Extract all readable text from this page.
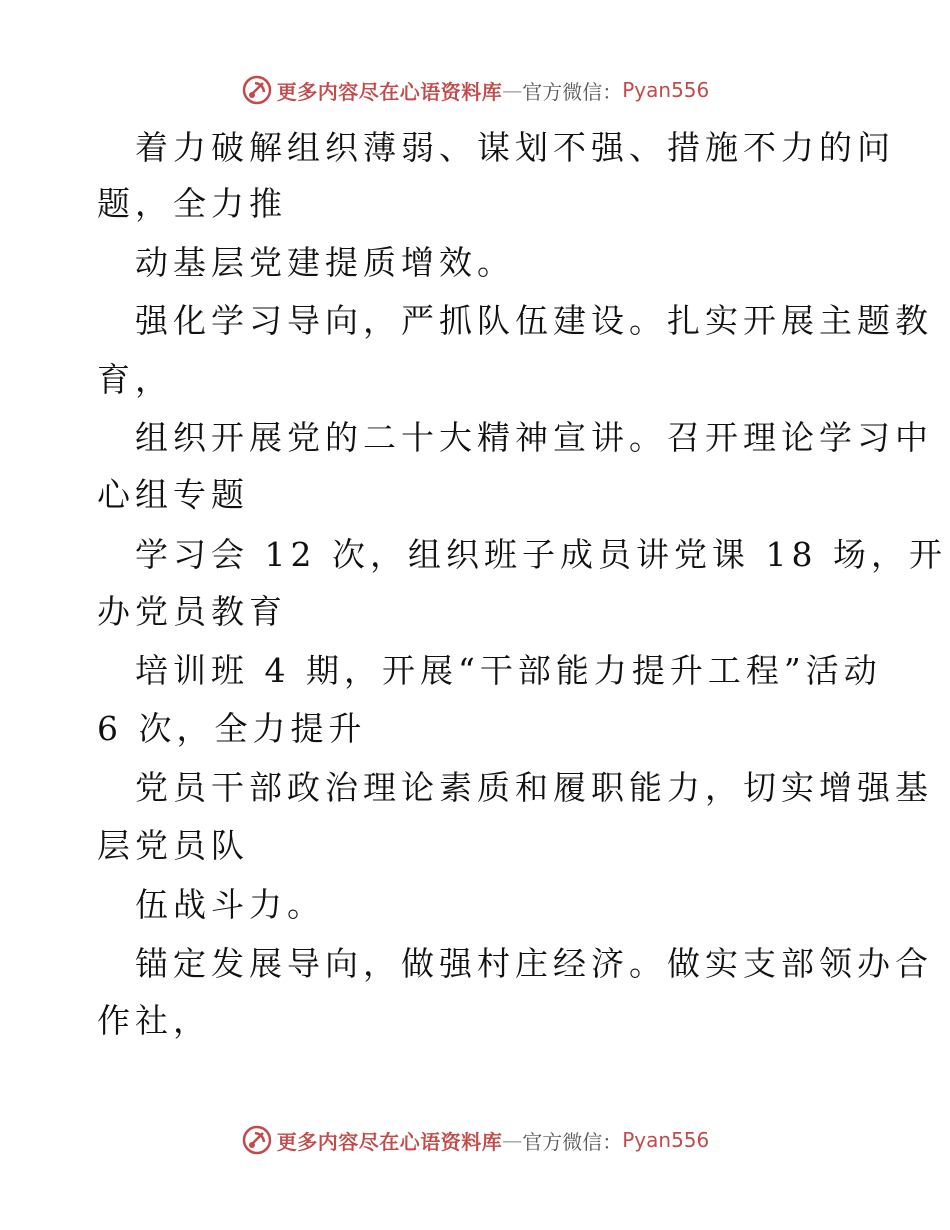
更多内容尽在心语资料库 — 官方微信： Pyan556
着力破解组织薄弱、谋划不强、措施不力的问
题，全力推
动基层党建提质增效。
强化学习导向，严抓队伍建设。扎实开展主题教
育，
组织开展党的二十大精神宣讲。召开理论学习中
心组专题
学习会 12 次，组织班子成员讲党课 18 场，开
办党员教育
培训班 4 期，开展“干部能力提升工程”活动
6 次，全力提升
党员干部政治理论素质和履职能力，切实增强基
层党员队
伍战斗力。
锚定发展导向，做强村庄经济。做实支部领办合
作社，
更多内容尽在心语资料库 — 官方微信： Pyan556
